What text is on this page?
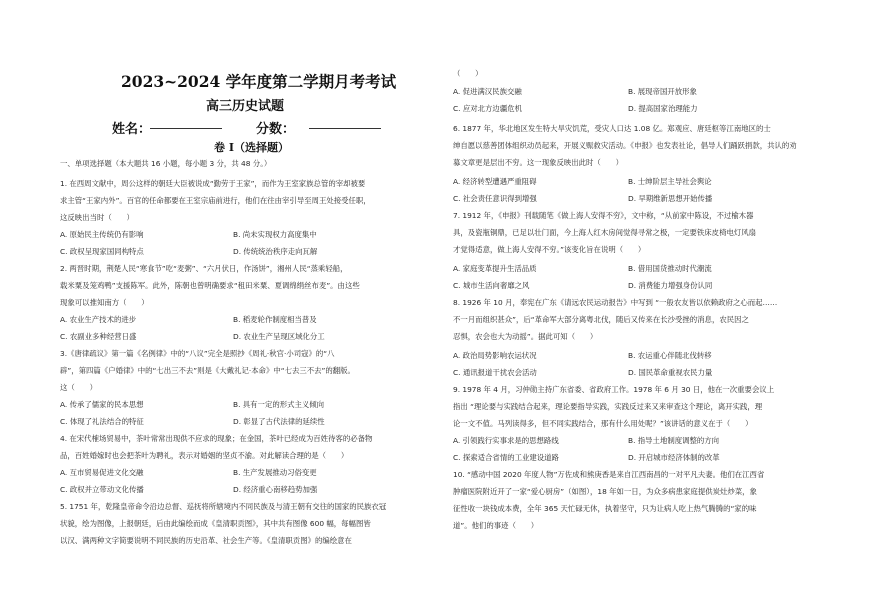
2023~2024 学年度第二学期月考考试
高三历史试题
姓名：	分数：
卷 I（选择题）
一、单项选择题（本大题共 16 小题，每小题 3 分，共 48 分。）
1. 在西周文献中，周公这样的朝廷大臣被说成“勤劳于王家”，而作为王室家族总管的宰却被要
求主管“王家内外”。百官的任命都要在王室宗庙前进行，他们在往由宰引导至周王处接受任职，
这反映出当时（　　）
A. 原始民主传统仍有影响	B. 尚未实现权力高度集中
C. 政权呈现家国同构特点	D. 传统统治秩序走向瓦解
2. 两晋时期，荆楚人民“寒食节”吃“麦粥”、“六月伏日，作汤饼”，湘州人民“蒸乘轻船，
载米粟及笼鸡鸭”支援陈军。此外，陈朝也曾明确要求“租田米粟、夏调绵绢丝布麦”。由这些
现象可以推知南方（　　）
A. 农业生产技术的进步	B. 稻麦轮作制度相当普及
C. 农副业多种经营日盛	D. 农业生产呈现区域化分工
3.《唐律疏议》第一篇《名例律》中的“八议”完全是照抄《周礼·秋官·小司寇》的“八
辟”，第四篇《户婚律》中的“七出三不去”则是《大戴礼记·本命》中“七去三不去”的翻版。
这（　　）
A. 传承了儒家的民本思想	B. 具有一定的形式主义倾向
C. 体现了礼法结合的特征	D. 彰显了古代法律的延续性
4. 在宋代榷场贸易中，茶叶常常出现供不应求的现象；在金国，茶叶已经成为百姓待客的必备物
品，百姓婚嫁时也会把茶叶为聘礼，表示对婚姻的坚贞不渝。对此解读合理的是（　　）
A. 互市贸易促进文化交融	B. 生产发展推动习俗变更
C. 政权并立带动文化传播	D. 经济重心南移趋势加强
5. 1751 年，乾隆皇帝命令沿边总督、巡抚将所辖境内不同民族及与清王朝有交往的国家的民族衣冠
状貌，绘为图像，上报朝廷，后由此编绘而成《皇清职贡图》，其中共有图像 600 幅，每幅图皆
以汉、满两种文字简要说明不同民族的历史沿革、社会生产等。《皇清职贡图》的编绘意在
（　　）
A. 促进满汉民族交融	B. 展现帝国开放形象
C. 应对北方边疆危机	D. 提高国家治理能力
6. 1877 年，华北地区发生特大旱灾饥荒，受灾人口达 1.08 亿。郑观应、唐廷枢等江南地区的士
绅自愿以慈善团体组织动员起来，开展义赈救灾活动。《申报》也发表社论，倡导人们踊跃捐款，共认的劝
募文章更是层出不穷。这一现象反映出此时（　　）
A. 经济转型遭遇严重阻碍	B. 士绅阶层主导社会舆论
C. 社会责任意识得到增强	D. 早期维新思想开始传播
7. 1912 年，《申报》刊载随笔《做上海人安得不穷》，文中称，“从前家中陈设，不过榆木器
具，及瓷瓶铜鼎，已足以壮门面，今上海人红木房间觉得寻常之极，一定要铁床皮椅电灯风扇
才觉得适意，做上海人安得不穷。”该变化旨在说明（　　）
A. 家庭变革提升生活品质	B. 借用国货推动时代潮流
C. 城市生活向奢靡之风	D. 消费能力增强身份认同
8. 1926 年 10 月，奉宪在广东《请远农民运动报告》中写到 “一般农友皆以依赖政府之心而起……
不一月而组织甚众”，后“革命军大部分离粤北伐，随后又传来在长沙受挫的消息，农民因之
忍惧，农会也大为动摇”。据此可知（　　）
A. 政治局势影响农运状况	B. 农运重心伴随北伐转移
C. 通讯报道干扰农会活动	D. 国民革命重视农民力量
9. 1978 年 4 月，习仲勋主持广东省委、省政府工作。1978 年 6 月 30 日，他在一次重要会议上
指出 “理论要与实践结合起来，理论要指导实践，实践反过来又来审查这个理论，离开实践，理
论一文不值。马列读得多，但不同实践结合，那有什么用处呢？”该讲话的意义在于（　　）
A. 引领践行实事求是的思想路线	B. 指导土地制度调整的方向
C. 探索适合省情的工业建设道路	D. 开启城市经济体制的改革
10. “感动中国 2020 年度人物”万佐成和熊庚香是来自江西南昌的一对平凡夫妻。他们在江西省
肿瘤医院附近开了一家“爱心厨房”（如图），18 年如一日，为众多病患家庭提供炭灶炒菜，象
征性收一块钱成本费，全年 365 天忙碌无休，执着坚守，只为让病人吃上热气腾腾的“家的味
道”。他们的事迹（　　）
